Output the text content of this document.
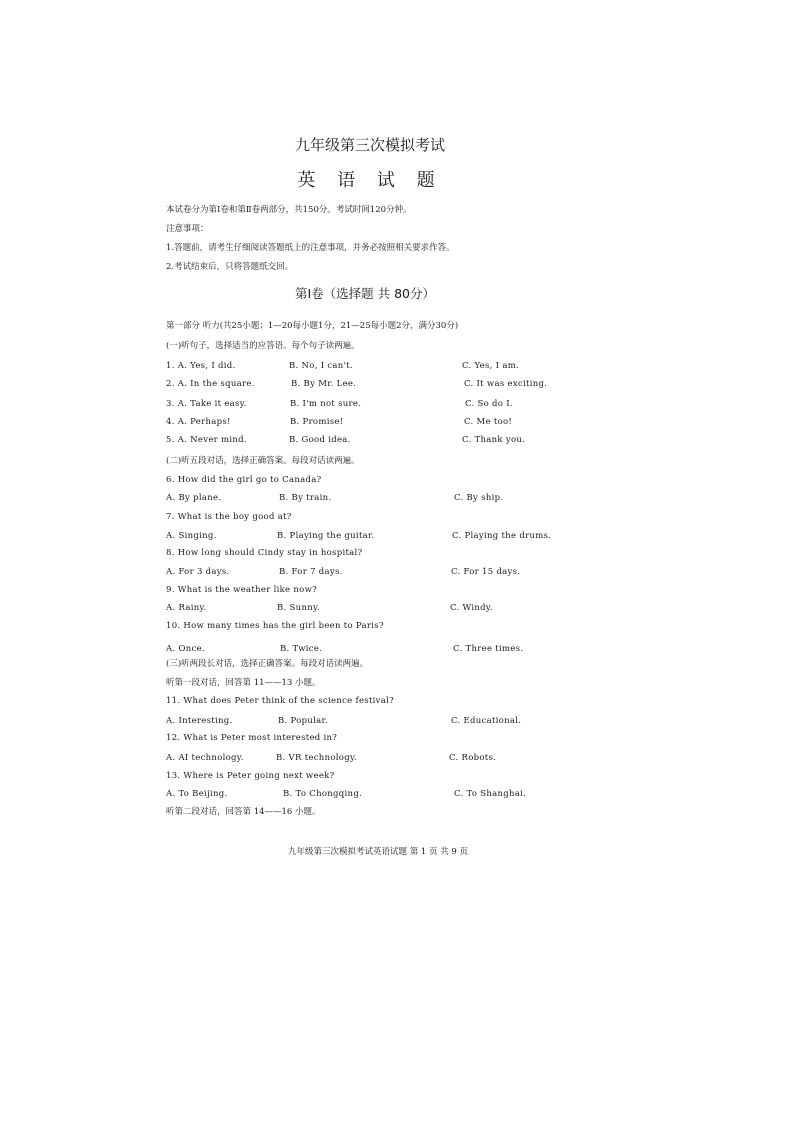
九年级第三次模拟考试
英 语 试 题
本试卷分为第Ⅰ卷和第Ⅱ卷两部分，共150分。考试时间120分钟。
注意事项：
1.答题前，请考生仔细阅读答题纸上的注意事项，并务必按照相关要求作答。
2.考试结束后，只将答题纸交回。
第Ⅰ卷（选择题 共 80分）
第一部分 听力(共25小题；1—20每小题1分，21—25每小题2分，满分30分)
(一)听句子，选择适当的应答语。每个句子读两遍。
1. A. Yes, I did.	B. No, I can't.	C. Yes, I am.
2. A. In the square.	B. By Mr. Lee.	C. It was exciting.
3. A. Take it easy.	B. I'm not sure.	C. So do I.
4. A. Perhaps!	B. Promise!	C. Me too!
5. A. Never mind.	B. Good idea.	C. Thank you.
(二)听五段对话，选择正确答案。每段对话读两遍。
6. How did the girl go to Canada?
A. By plane.	B. By train.	C. By ship.
7. What is the boy good at?
A. Singing.	B. Playing the guitar.	C. Playing the drums.
8. How long should Cindy stay in hospital?
A. For 3 days.	B. For 7 days.	C. For 15 days.
9. What is the weather like now?
A. Rainy.	B. Sunny.	C. Windy.
10. How many times has the girl been to Paris?
A. Once.	B. Twice.	C. Three times.
(三)听两段长对话，选择正确答案。每段对话读两遍。
听第一段对话，回答第 11——13 小题。
11. What does Peter think of the science festival?
A. Interesting.	B. Popular.	C. Educational.
12. What is Peter most interested in?
A. AI technology.	B. VR technology.	C. Robots.
13. Where is Peter going next week?
A. To Beijing.	B. To Chongqing.	C. To Shanghai.
听第二段对话，回答第 14——16 小题。
九年级第三次模拟考试英语试题 第 1 页 共 9 页
